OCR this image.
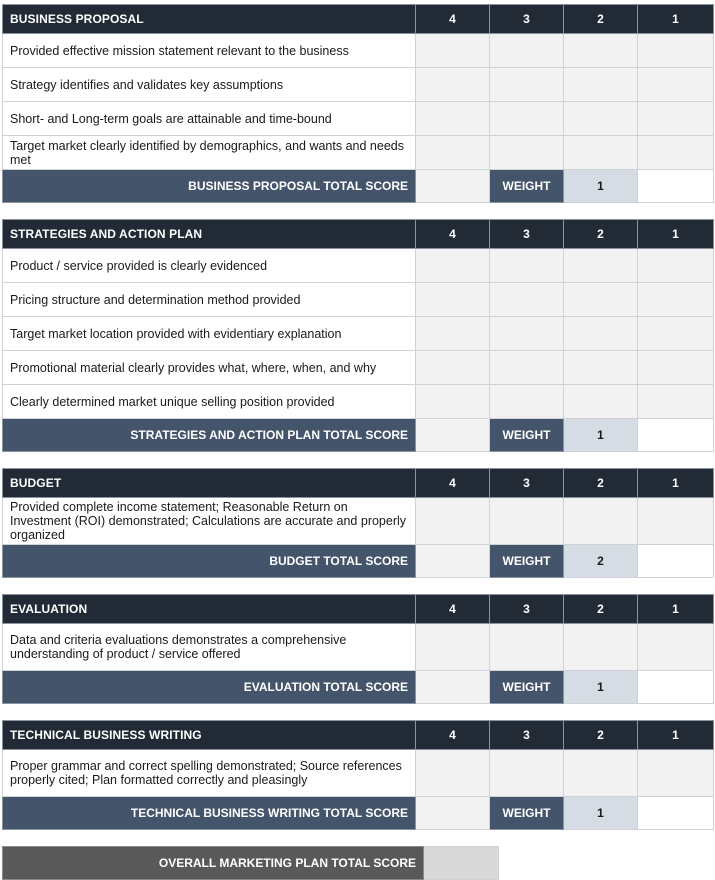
BUSINESS PROPOSAL	4	3	2	1
Provided effective mission statement relevant to the business				
Strategy identifies and validates key assumptions				
Short- and Long-term goals are attainable and time-bound				
Target market clearly identified by demographics, and wants and needs met				
BUSINESS PROPOSAL TOTAL SCORE		WEIGHT	1	

STRATEGIES AND ACTION PLAN	4	3	2	1
Product / service provided is clearly evidenced				
Pricing structure and determination method provided				
Target market location provided with evidentiary explanation				
Promotional material clearly provides what, where, when, and why				
Clearly determined market unique selling position provided				
STRATEGIES AND ACTION PLAN TOTAL SCORE		WEIGHT	1	

BUDGET	4	3	2	1
Provided complete income statement; Reasonable Return on Investment (ROI) demonstrated; Calculations are accurate and properly organized				
BUDGET TOTAL SCORE		WEIGHT	2	

EVALUATION	4	3	2	1
Data and criteria evaluations demonstrates a comprehensive understanding of product / service offered				
EVALUATION TOTAL SCORE		WEIGHT	1	

TECHNICAL BUSINESS WRITING	4	3	2	1
Proper grammar and correct spelling demonstrated; Source references properly cited; Plan formatted correctly and pleasingly				
TECHNICAL BUSINESS WRITING TOTAL SCORE		WEIGHT	1	

OVERALL MARKETING PLAN TOTAL SCORE	
